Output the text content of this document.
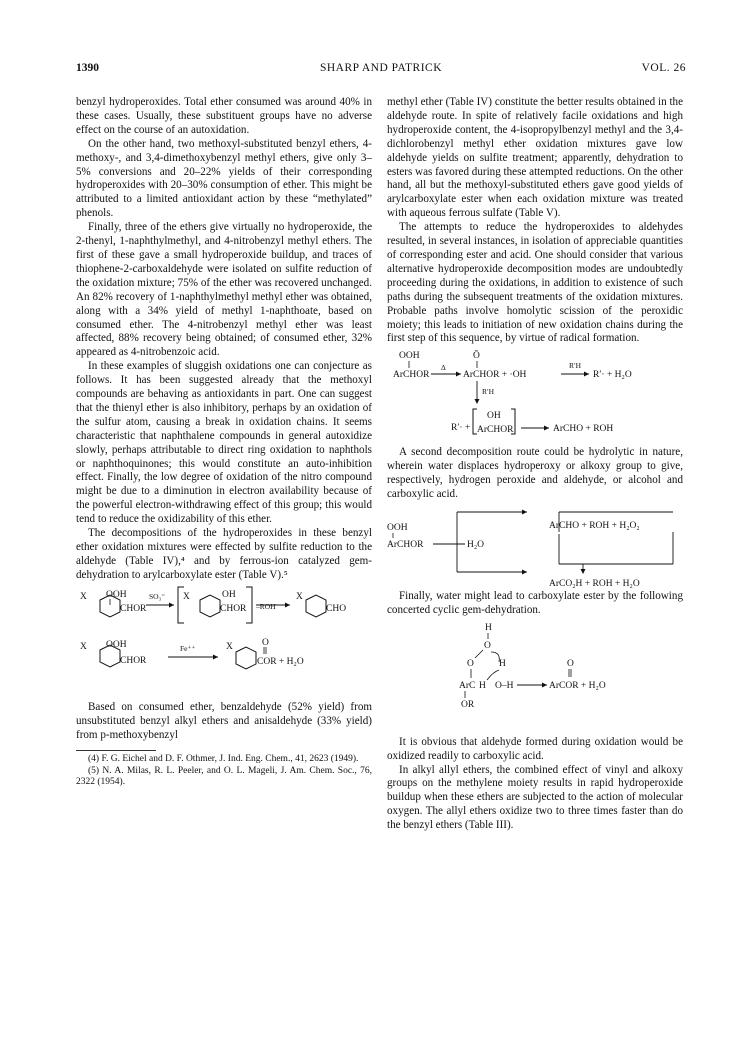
1390	SHARP AND PATRICK	VOL. 26

benzyl hydroperoxides. Total ether consumed was around 40% in these cases. Usually, these substituent groups have no adverse effect on the course of an autoxidation.

On the other hand, two methoxyl-substituted benzyl ethers, 4-methoxy-, and 3,4-dimethoxybenzyl methyl ethers, give only 3–5% conversions and 20–22% yields of their corresponding hydroperoxides with 20–30% consumption of ether. This might be attributed to a limited antioxidant action by these “methylated” phenols.

Finally, three of the ethers give virtually no hydroperoxide, the 2-thenyl, 1-naphthylmethyl, and 4-nitrobenzyl methyl ethers. The first of these gave a small hydroperoxide buildup, and traces of thiophene-2-carboxaldehyde were isolated on sulfite reduction of the oxidation mixture; 75% of the ether was recovered unchanged. An 82% recovery of 1-naphthylmethyl methyl ether was obtained, along with a 34% yield of methyl 1-naphthoate, based on consumed ether. The 4-nitrobenzyl methyl ether was least affected, 88% recovery being obtained; of consumed ether, 32% appeared as 4-nitrobenzoic acid.

In these examples of sluggish oxidations one can conjecture as follows. It has been suggested already that the methoxyl compounds are behaving as antioxidants in part. One can suggest that the thienyl ether is also inhibitory, perhaps by an oxidation of the sulfur atom, causing a break in oxidation chains. It seems characteristic that naphthalene compounds in general autoxidize slowly, perhaps attributable to direct ring oxidation to naphthols or naphthoquinones; this would constitute an auto-inhibition effect. Finally, the low degree of oxidation of the nitro compound might be due to a diminution in electron availability because of the powerful electron-withdrawing effect of this group; this would tend to reduce the oxidizability of this ether.

The decompositions of the hydroperoxides in these benzyl ether oxidation mixtures were effected by sulfite reduction to the aldehyde (Table IV),⁴ and by ferrous-ion catalyzed gem-dehydration to arylcarboxylate ester (Table V).⁵

X OOH
CHOR
SO₃⁼ X	OH
CHOR –ROH⁻
X
CHO
X OOH
CHOR
Fe⁺⁺	X	O
COR + H₂O

Based on consumed ether, benzaldehyde (52% yield) from unsubstituted benzyl alkyl ethers and anisaldehyde (33% yield) from p-methoxybenzyl

(4) F. G. Eichel and D. F. Othmer, J. Ind. Eng. Chem., 41, 2623 (1949).

(5) N. A. Milas, R. L. Peeler, and O. L. Mageli, J. Am. Chem. Soc., 76, 2322 (1954).

methyl ether (Table IV) constitute the better results obtained in the aldehyde route. In spite of relatively facile oxidations and high hydroperoxide content, the 4-isopropylbenzyl methyl and the 3,4-dichlorobenzyl methyl ether oxidation mixtures gave low aldehyde yields on sulfite treatment; apparently, dehydration to esters was favored during these attempted reductions. On the other hand, all but the methoxyl-substituted ethers gave good yields of arylcarboxylate ester when each oxidation mixture was treated with aqueous ferrous sulfate (Table V).

The attempts to reduce the hydroperoxides to aldehydes resulted, in several instances, in isolation of appreciable quantities of corresponding ester and acid. One should consider that various alternative hydroperoxide decomposition modes are undoubtedly proceeding during the oxidations, in addition to existence of such paths during the subsequent treatments of the oxidation mixtures. Probable paths involve homolytic scission of the peroxidic moiety; this leads to initiation of new oxidation chains during the first step of this sequence, by virtue of radical formation.

OOH
ArCHOR
Δ
Ō
ArCHOR + ·OH
R′H
R′· + H₂O
R′H
R′· +
OH
ArCHOR	ArCHO + ROH

A second decomposition route could be hydrolytic in nature, wherein water displaces hydroperoxy or alkoxy group to give, respectively, hydrogen peroxide and aldehyde, or alcohol and carboxylic acid.

OOH
ArCHOR	H₂O
ArCHO + ROH + H₂O₂
ArCO₂H + ROH + H₂O

Finally, water might lead to carboxylate ester by the following concerted cyclic gem-dehydration.

H
O
O	H
ArC H O–H
O
ArCOR + H₂O
OR

It is obvious that aldehyde formed during oxidation would be oxidized readily to carboxylic acid.

In alkyl allyl ethers, the combined effect of vinyl and alkoxy groups on the methylene moiety results in rapid hydroperoxide buildup when these ethers are subjected to the action of molecular oxygen. The allyl ethers oxidize two to three times faster than do the benzyl ethers (Table III).
